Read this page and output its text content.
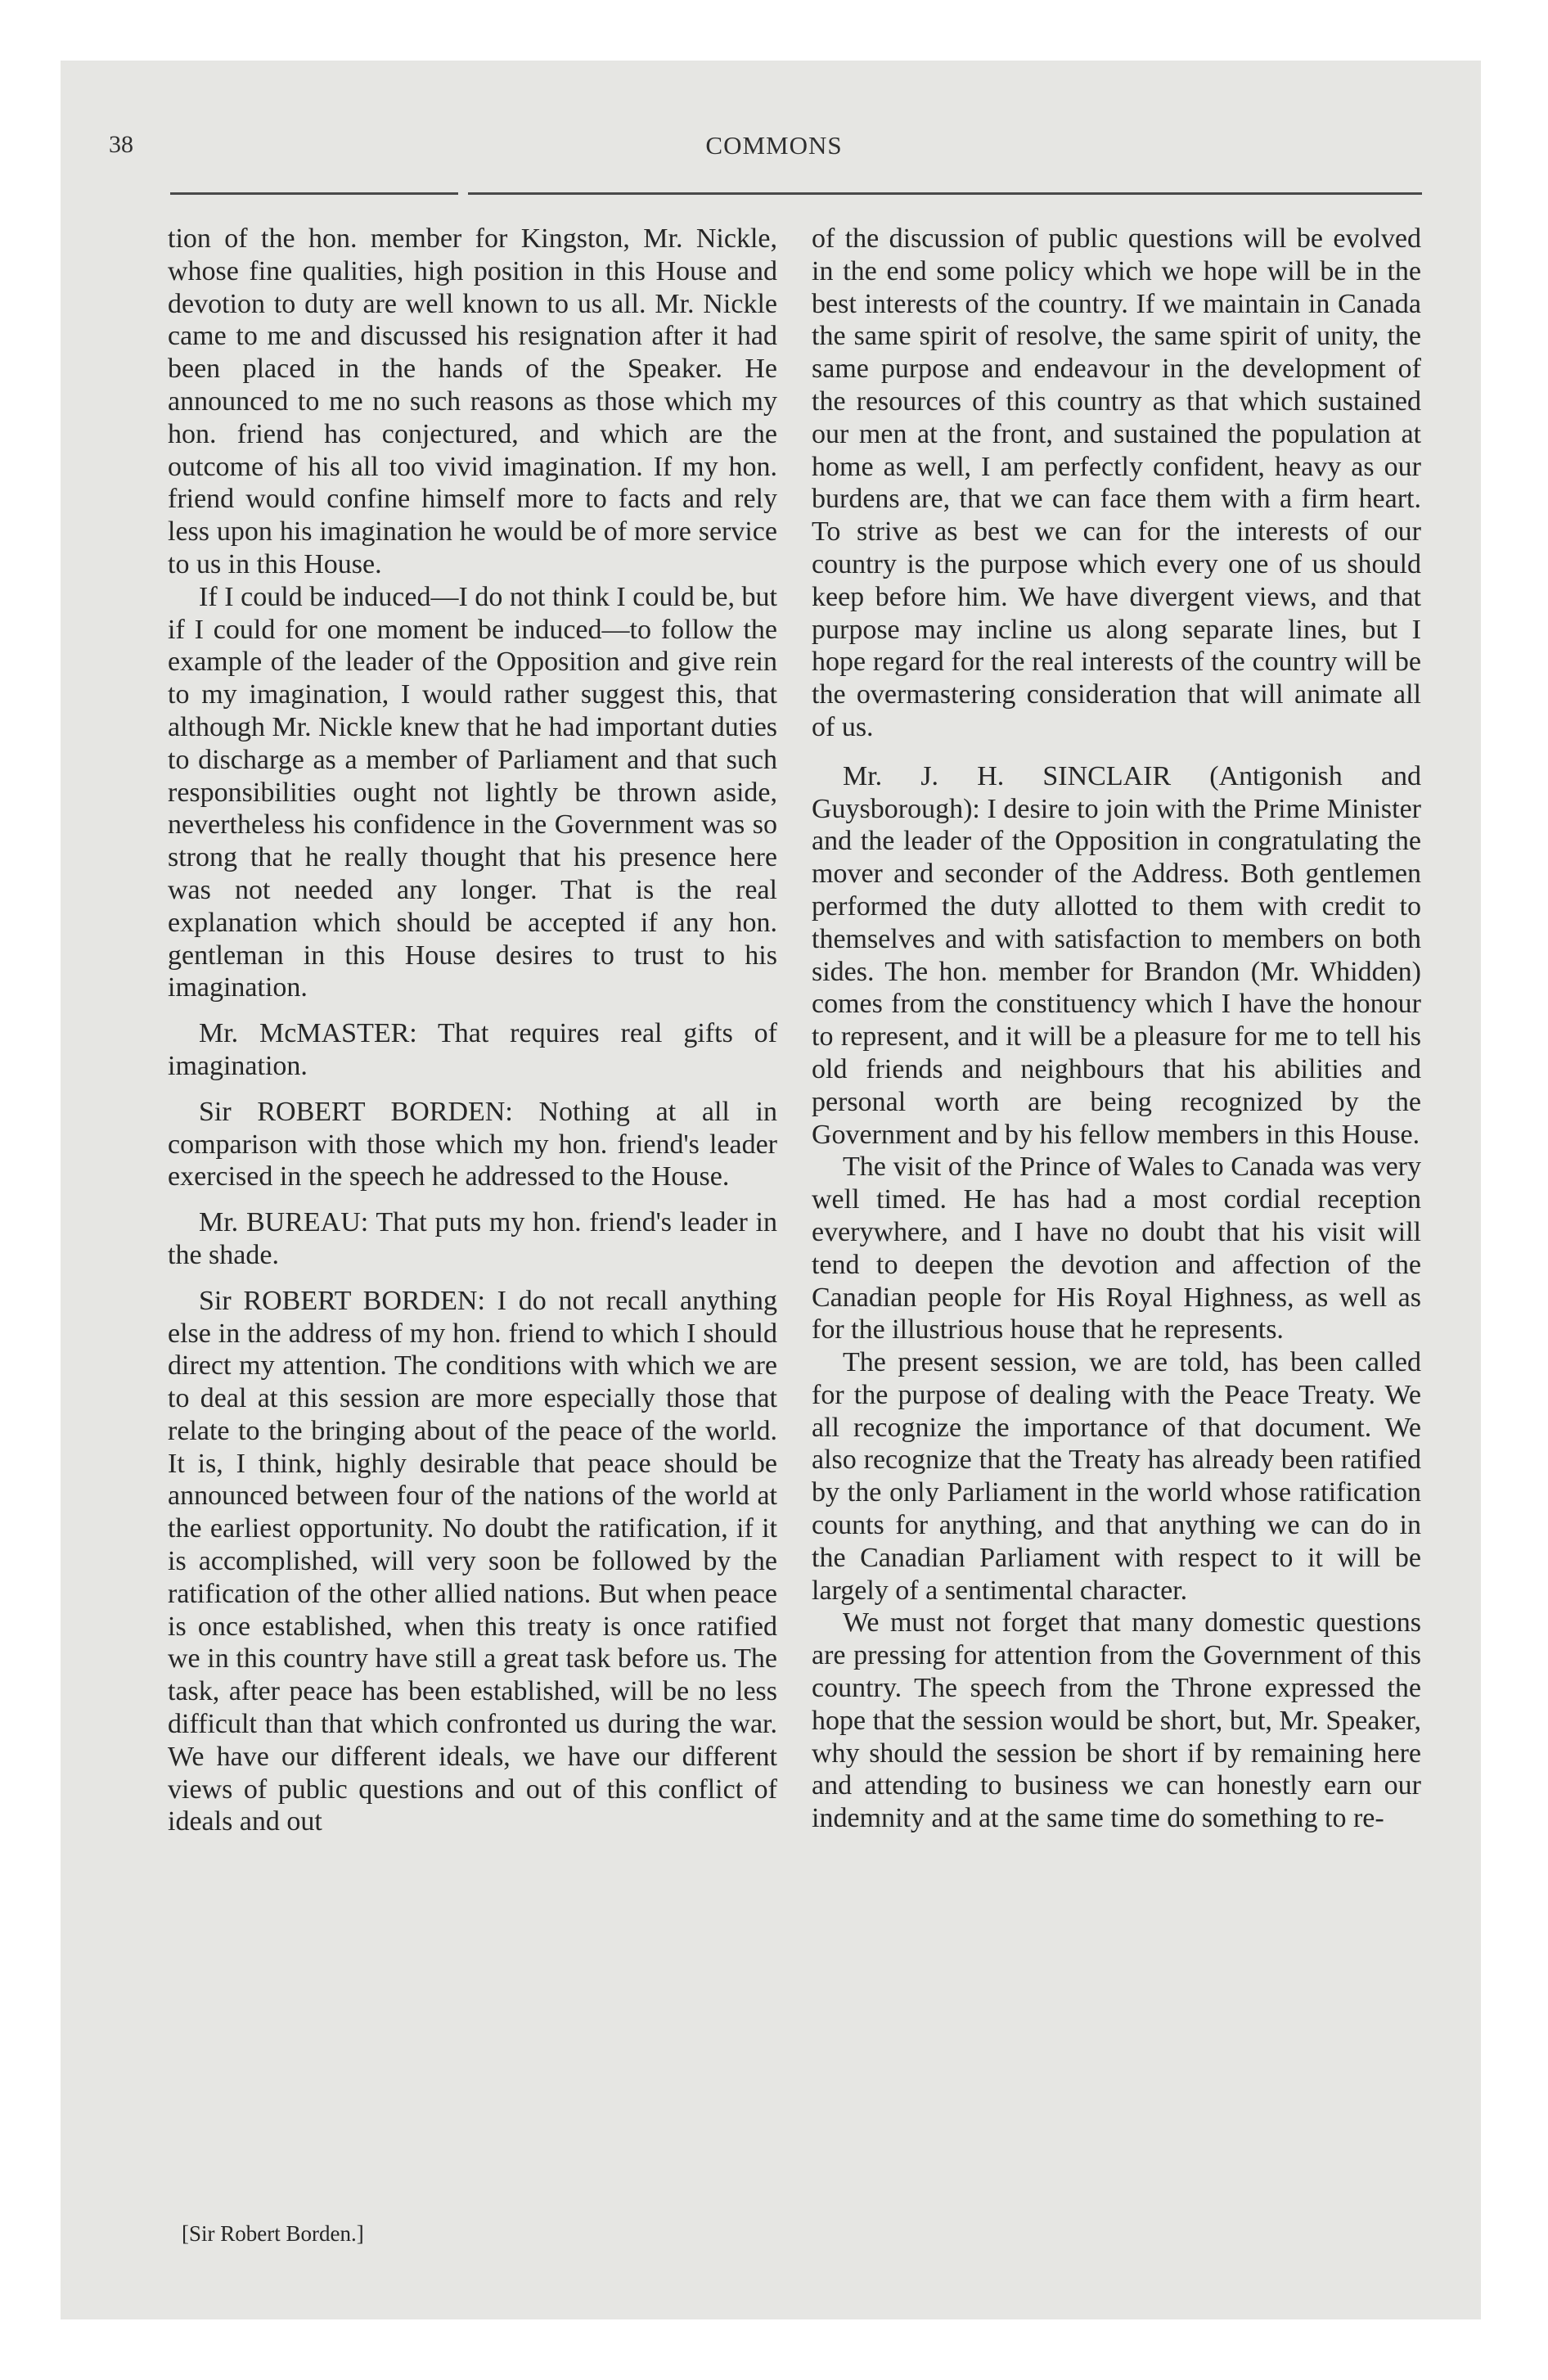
38	COMMONS

tion of the hon. member for Kingston, Mr. Nickle, whose fine qualities, high position in this House and devotion to duty are well known to us all. Mr. Nickle came to me and discussed his resignation after it had been placed in the hands of the Speaker. He announced to me no such reasons as those which my hon. friend has conjectured, and which are the outcome of his all too vivid imagination. If my hon. friend would confine himself more to facts and rely less upon his imagination he would be of more service to us in this House.

If I could be induced—I do not think I could be, but if I could for one moment be induced—to follow the example of the leader of the Opposition and give rein to my imagination, I would rather suggest this, that although Mr. Nickle knew that he had important duties to discharge as a member of Parliament and that such responsibilities ought not lightly be thrown aside, nevertheless his confidence in the Government was so strong that he really thought that his presence here was not needed any longer. That is the real explanation which should be accepted if any hon. gentleman in this House desires to trust to his imagination.

Mr. McMASTER: That requires real gifts of imagination.

Sir ROBERT BORDEN: Nothing at all in comparison with those which my hon. friend's leader exercised in the speech he addressed to the House.

Mr. BUREAU: That puts my hon. friend's leader in the shade.

Sir ROBERT BORDEN: I do not recall anything else in the address of my hon. friend to which I should direct my attention. The conditions with which we are to deal at this session are more especially those that relate to the bringing about of the peace of the world. It is, I think, highly desirable that peace should be announced between four of the nations of the world at the earliest opportunity. No doubt the ratification, if it is accomplished, will very soon be followed by the ratification of the other allied nations. But when peace is once established, when this treaty is once ratified we in this country have still a great task before us. The task, after peace has been established, will be no less difficult than that which confronted us during the war. We have our different ideals, we have our different views of public questions and out of this conflict of ideals and out

of the discussion of public questions will be evolved in the end some policy which we hope will be in the best interests of the country. If we maintain in Canada the same spirit of resolve, the same spirit of unity, the same purpose and endeavour in the development of the resources of this country as that which sustained our men at the front, and sustained the population at home as well, I am perfectly confident, heavy as our burdens are, that we can face them with a firm heart. To strive as best we can for the interests of our country is the purpose which every one of us should keep before him. We have divergent views, and that purpose may incline us along separate lines, but I hope regard for the real interests of the country will be the overmastering consideration that will animate all of us.

Mr. J. H. SINCLAIR (Antigonish and Guysborough): I desire to join with the Prime Minister and the leader of the Opposition in congratulating the mover and seconder of the Address. Both gentlemen performed the duty allotted to them with credit to themselves and with satisfaction to members on both sides. The hon. member for Brandon (Mr. Whidden) comes from the constituency which I have the honour to represent, and it will be a pleasure for me to tell his old friends and neighbours that his abilities and personal worth are being recognized by the Government and by his fellow members in this House.

The visit of the Prince of Wales to Canada was very well timed. He has had a most cordial reception everywhere, and I have no doubt that his visit will tend to deepen the devotion and affection of the Canadian people for His Royal Highness, as well as for the illustrious house that he represents.

The present session, we are told, has been called for the purpose of dealing with the Peace Treaty. We all recognize the importance of that document. We also recognize that the Treaty has already been ratified by the only Parliament in the world whose ratification counts for anything, and that anything we can do in the Canadian Parliament with respect to it will be largely of a sentimental character.

We must not forget that many domestic questions are pressing for attention from the Government of this country. The speech from the Throne expressed the hope that the session would be short, but, Mr. Speaker, why should the session be short if by remaining here and attending to business we can honestly earn our indemnity and at the same time do something to re-

[Sir Robert Borden.]
